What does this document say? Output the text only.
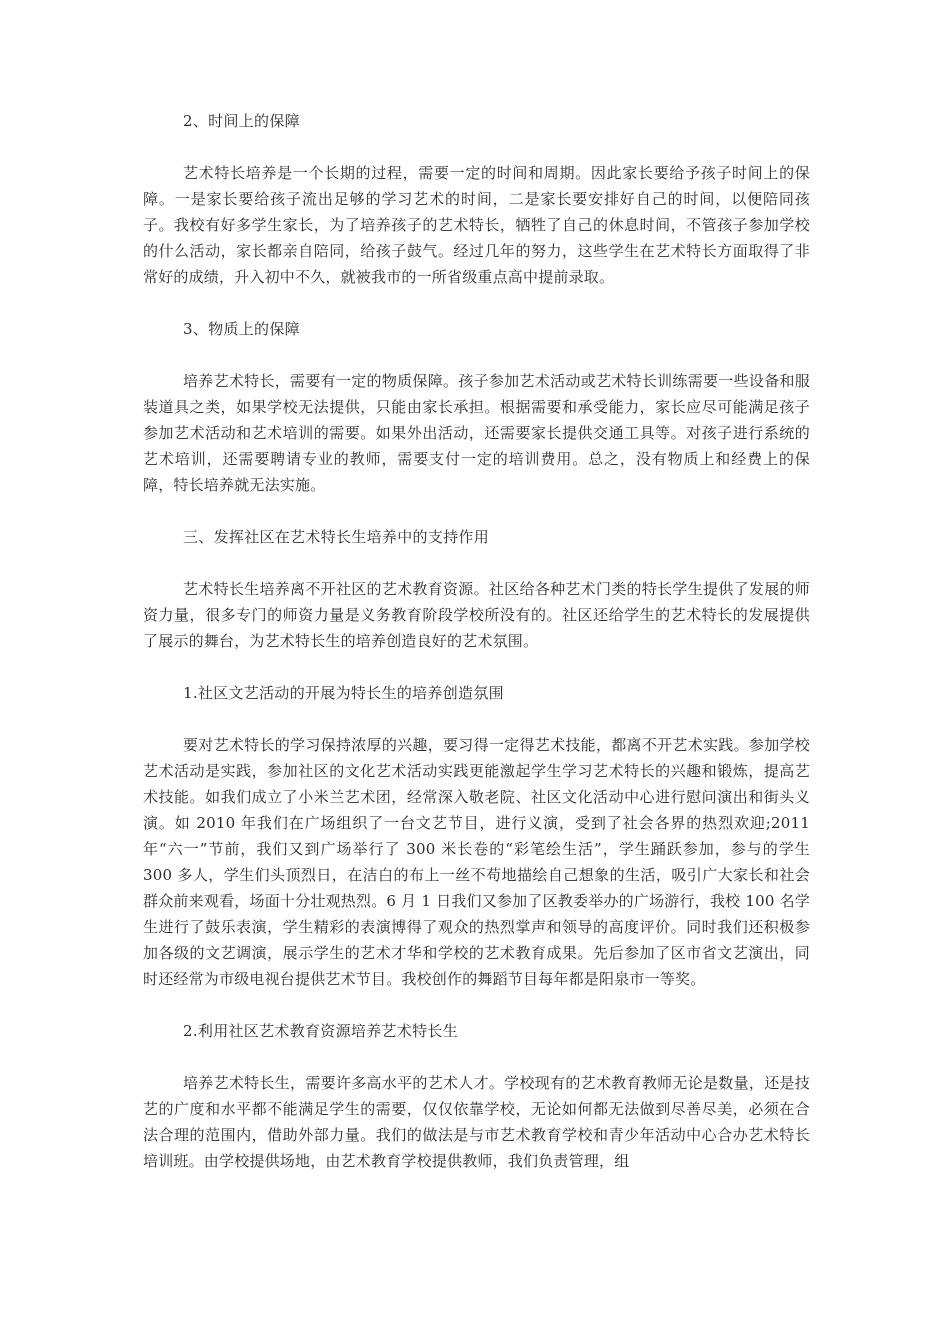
2、时间上的保障

艺术特长培养是一个长期的过程，需要一定的时间和周期。因此家长要给予孩子时间上的保障。一是家长要给孩子流出足够的学习艺术的时间，二是家长要安排好自己的时间，以便陪同孩子。我校有好多学生家长，为了培养孩子的艺术特长，牺牲了自己的休息时间，不管孩子参加学校的什么活动，家长都亲自陪同，给孩子鼓气。经过几年的努力，这些学生在艺术特长方面取得了非常好的成绩，升入初中不久，就被我市的一所省级重点高中提前录取。

3、物质上的保障

培养艺术特长，需要有一定的物质保障。孩子参加艺术活动或艺术特长训练需要一些设备和服装道具之类，如果学校无法提供，只能由家长承担。根据需要和承受能力，家长应尽可能满足孩子参加艺术活动和艺术培训的需要。如果外出活动，还需要家长提供交通工具等。对孩子进行系统的艺术培训，还需要聘请专业的教师，需要支付一定的培训费用。总之，没有物质上和经费上的保障，特长培养就无法实施。

三、发挥社区在艺术特长生培养中的支持作用

艺术特长生培养离不开社区的艺术教育资源。社区给各种艺术门类的特长学生提供了发展的师资力量，很多专门的师资力量是义务教育阶段学校所没有的。社区还给学生的艺术特长的发展提供了展示的舞台，为艺术特长生的培养创造良好的艺术氛围。

1.社区文艺活动的开展为特长生的培养创造氛围

要对艺术特长的学习保持浓厚的兴趣，要习得一定得艺术技能，都离不开艺术实践。参加学校艺术活动是实践，参加社区的文化艺术活动实践更能激起学生学习艺术特长的兴趣和锻炼，提高艺术技能。如我们成立了小米兰艺术团，经常深入敬老院、社区文化活动中心进行慰问演出和街头义演。如 2010 年我们在广场组织了一台文艺节目，进行义演，受到了社会各界的热烈欢迎;2011 年“六一”节前，我们又到广场举行了 300 米长卷的“彩笔绘生活”，学生踊跃参加，参与的学生 300 多人，学生们头顶烈日，在洁白的布上一丝不苟地描绘自己想象的生活，吸引广大家长和社会群众前来观看，场面十分壮观热烈。6 月 1 日我们又参加了区教委举办的广场游行，我校 100 名学生进行了鼓乐表演，学生精彩的表演博得了观众的热烈掌声和领导的高度评价。同时我们还积极参加各级的文艺调演，展示学生的艺术才华和学校的艺术教育成果。先后参加了区市省文艺演出，同时还经常为市级电视台提供艺术节目。我校创作的舞蹈节目每年都是阳泉市一等奖。

2.利用社区艺术教育资源培养艺术特长生

培养艺术特长生，需要许多高水平的艺术人才。学校现有的艺术教育教师无论是数量，还是技艺的广度和水平都不能满足学生的需要，仅仅依靠学校，无论如何都无法做到尽善尽美，必须在合法合理的范围内，借助外部力量。我们的做法是与市艺术教育学校和青少年活动中心合办艺术特长培训班。由学校提供场地，由艺术教育学校提供教师，我们负责管理，组
